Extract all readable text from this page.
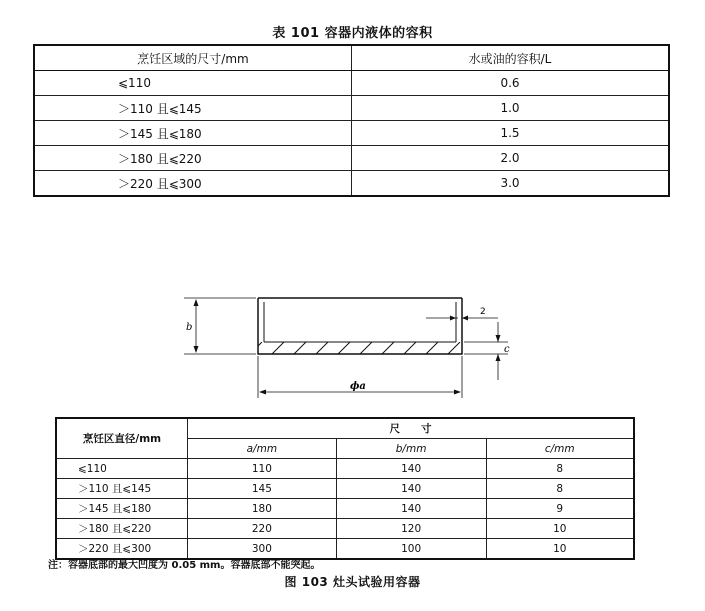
表 101 容器内液体的容积
烹饪区域的尺寸/mm	水或油的容积/L
⩽110	0.6
＞110 且⩽145	1.0
＞145 且⩽180	1.5
＞180 且⩽220	2.0
＞220 且⩽300	3.0
b
2
c
ϕa
烹饪区直径/mm	尺　　寸		
	a/mm	b/mm	c/mm
⩽110	110	140	8
＞110 且⩽145	145	140	8
＞145 且⩽180	180	140	9
＞180 且⩽220	220	120	10
＞220 且⩽300	300	100	10
注：容器底部的最大凹度为 0.05 mm。容器底部不能突起。
图 103 灶头试验用容器
